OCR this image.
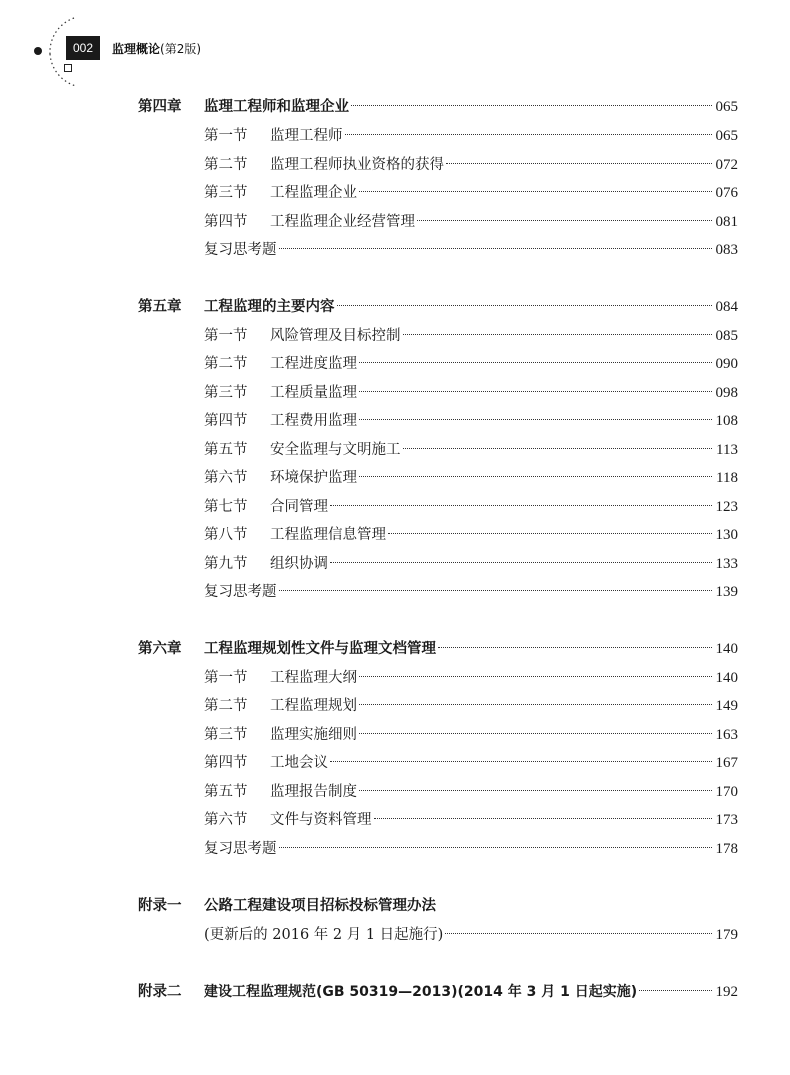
002	监理概论(第2版)
第四章	监理工程师和监理企业	065
第一节	监理工程师	065
第二节	监理工程师执业资格的获得	072
第三节	工程监理企业	076
第四节	工程监理企业经营管理	081
复习思考题	083
第五章	工程监理的主要内容	084
第一节	风险管理及目标控制	085
第二节	工程进度监理	090
第三节	工程质量监理	098
第四节	工程费用监理	108
第五节	安全监理与文明施工	113
第六节	环境保护监理	118
第七节	合同管理	123
第八节	工程监理信息管理	130
第九节	组织协调	133
复习思考题	139
第六章	工程监理规划性文件与监理文档管理	140
第一节	工程监理大纲	140
第二节	工程监理规划	149
第三节	监理实施细则	163
第四节	工地会议	167
第五节	监理报告制度	170
第六节	文件与资料管理	173
复习思考题	178
附录一	公路工程建设项目招标投标管理办法
(更新后的 2016 年 2 月 1 日起施行)	179
附录二	建设工程监理规范(GB 50319—2013)(2014 年 3 月 1 日起实施)	192
